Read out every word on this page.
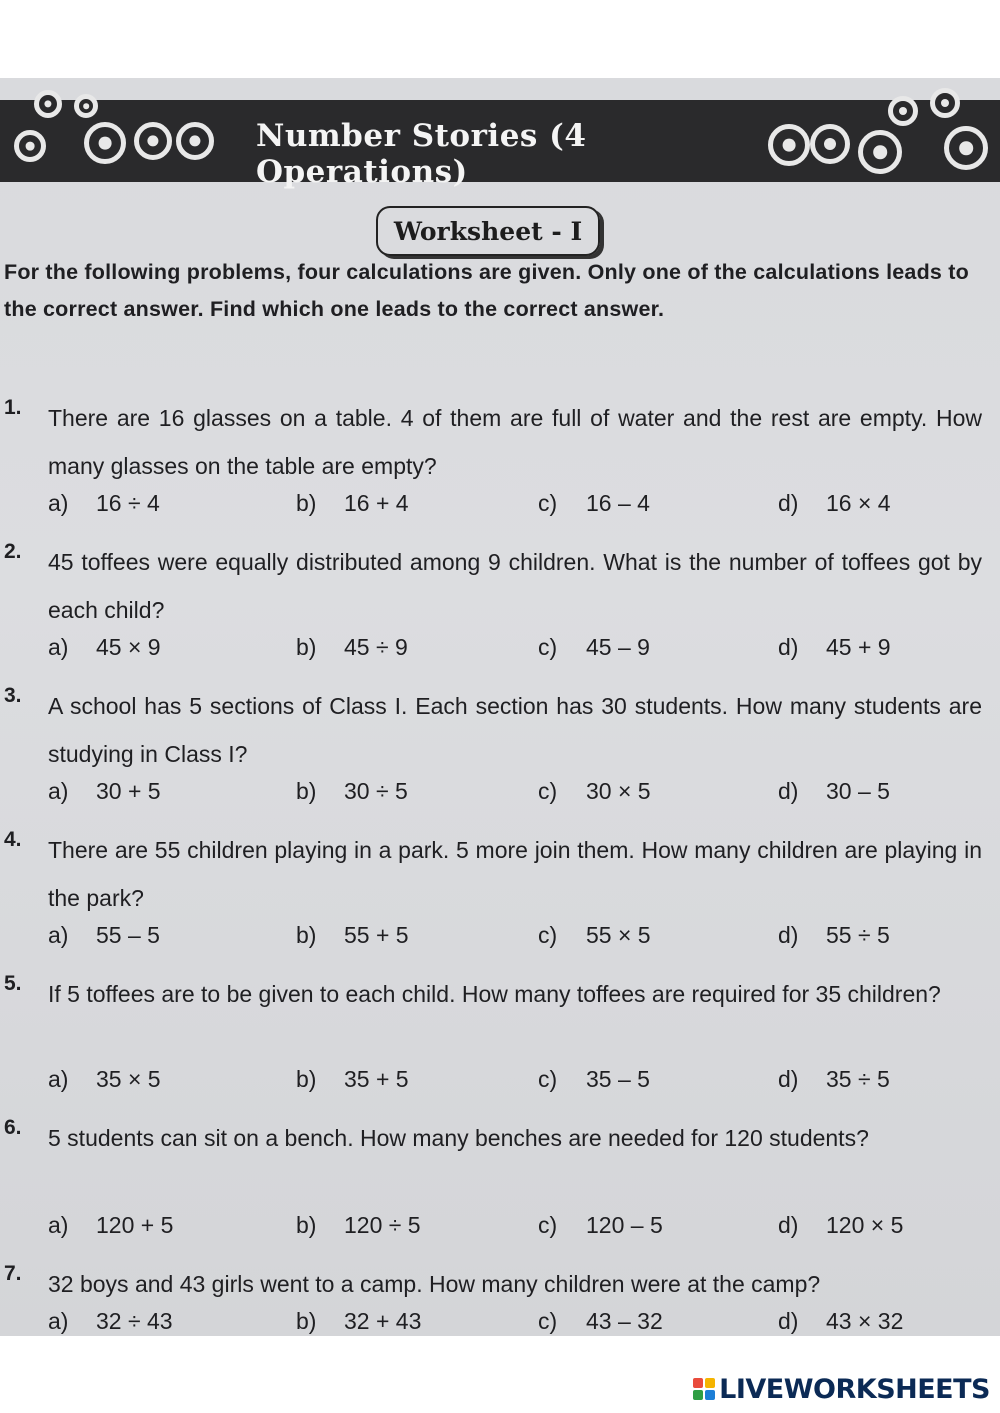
Number Stories (4 Operations)
Worksheet - I
For the following problems, four calculations are given. Only one of the calculations leads to the correct answer. Find which one leads to the correct answer.
1. There are 16 glasses on a table. 4 of them are full of water and the rest are empty. How many glasses on the table are empty?
a) 16 ÷ 4	b) 16 + 4	c) 16 – 4	d) 16 × 4
2. 45 toffees were equally distributed among 9 children. What is the number of toffees got by each child?
a) 45 × 9	b) 45 ÷ 9	c) 45 – 9	d) 45 + 9
3. A school has 5 sections of Class I. Each section has 30 students. How many students are studying in Class I?
a) 30 + 5	b) 30 ÷ 5	c) 30 × 5	d) 30 – 5
4. There are 55 children playing in a park. 5 more join them. How many children are playing in the park?
a) 55 – 5	b) 55 + 5	c) 55 × 5	d) 55 ÷ 5
5. If 5 toffees are to be given to each child. How many toffees are required for 35 children?
a) 35 × 5	b) 35 + 5	c) 35 – 5	d) 35 ÷ 5
6. 5 students can sit on a bench. How many benches are needed for 120 students?
a) 120 + 5	b) 120 ÷ 5	c) 120 – 5	d) 120 × 5
7. 32 boys and 43 girls went to a camp. How many children were at the camp?
a) 32 ÷ 43	b) 32 + 43	c) 43 – 32	d) 43 × 32
LIVEWORKSHEETS
